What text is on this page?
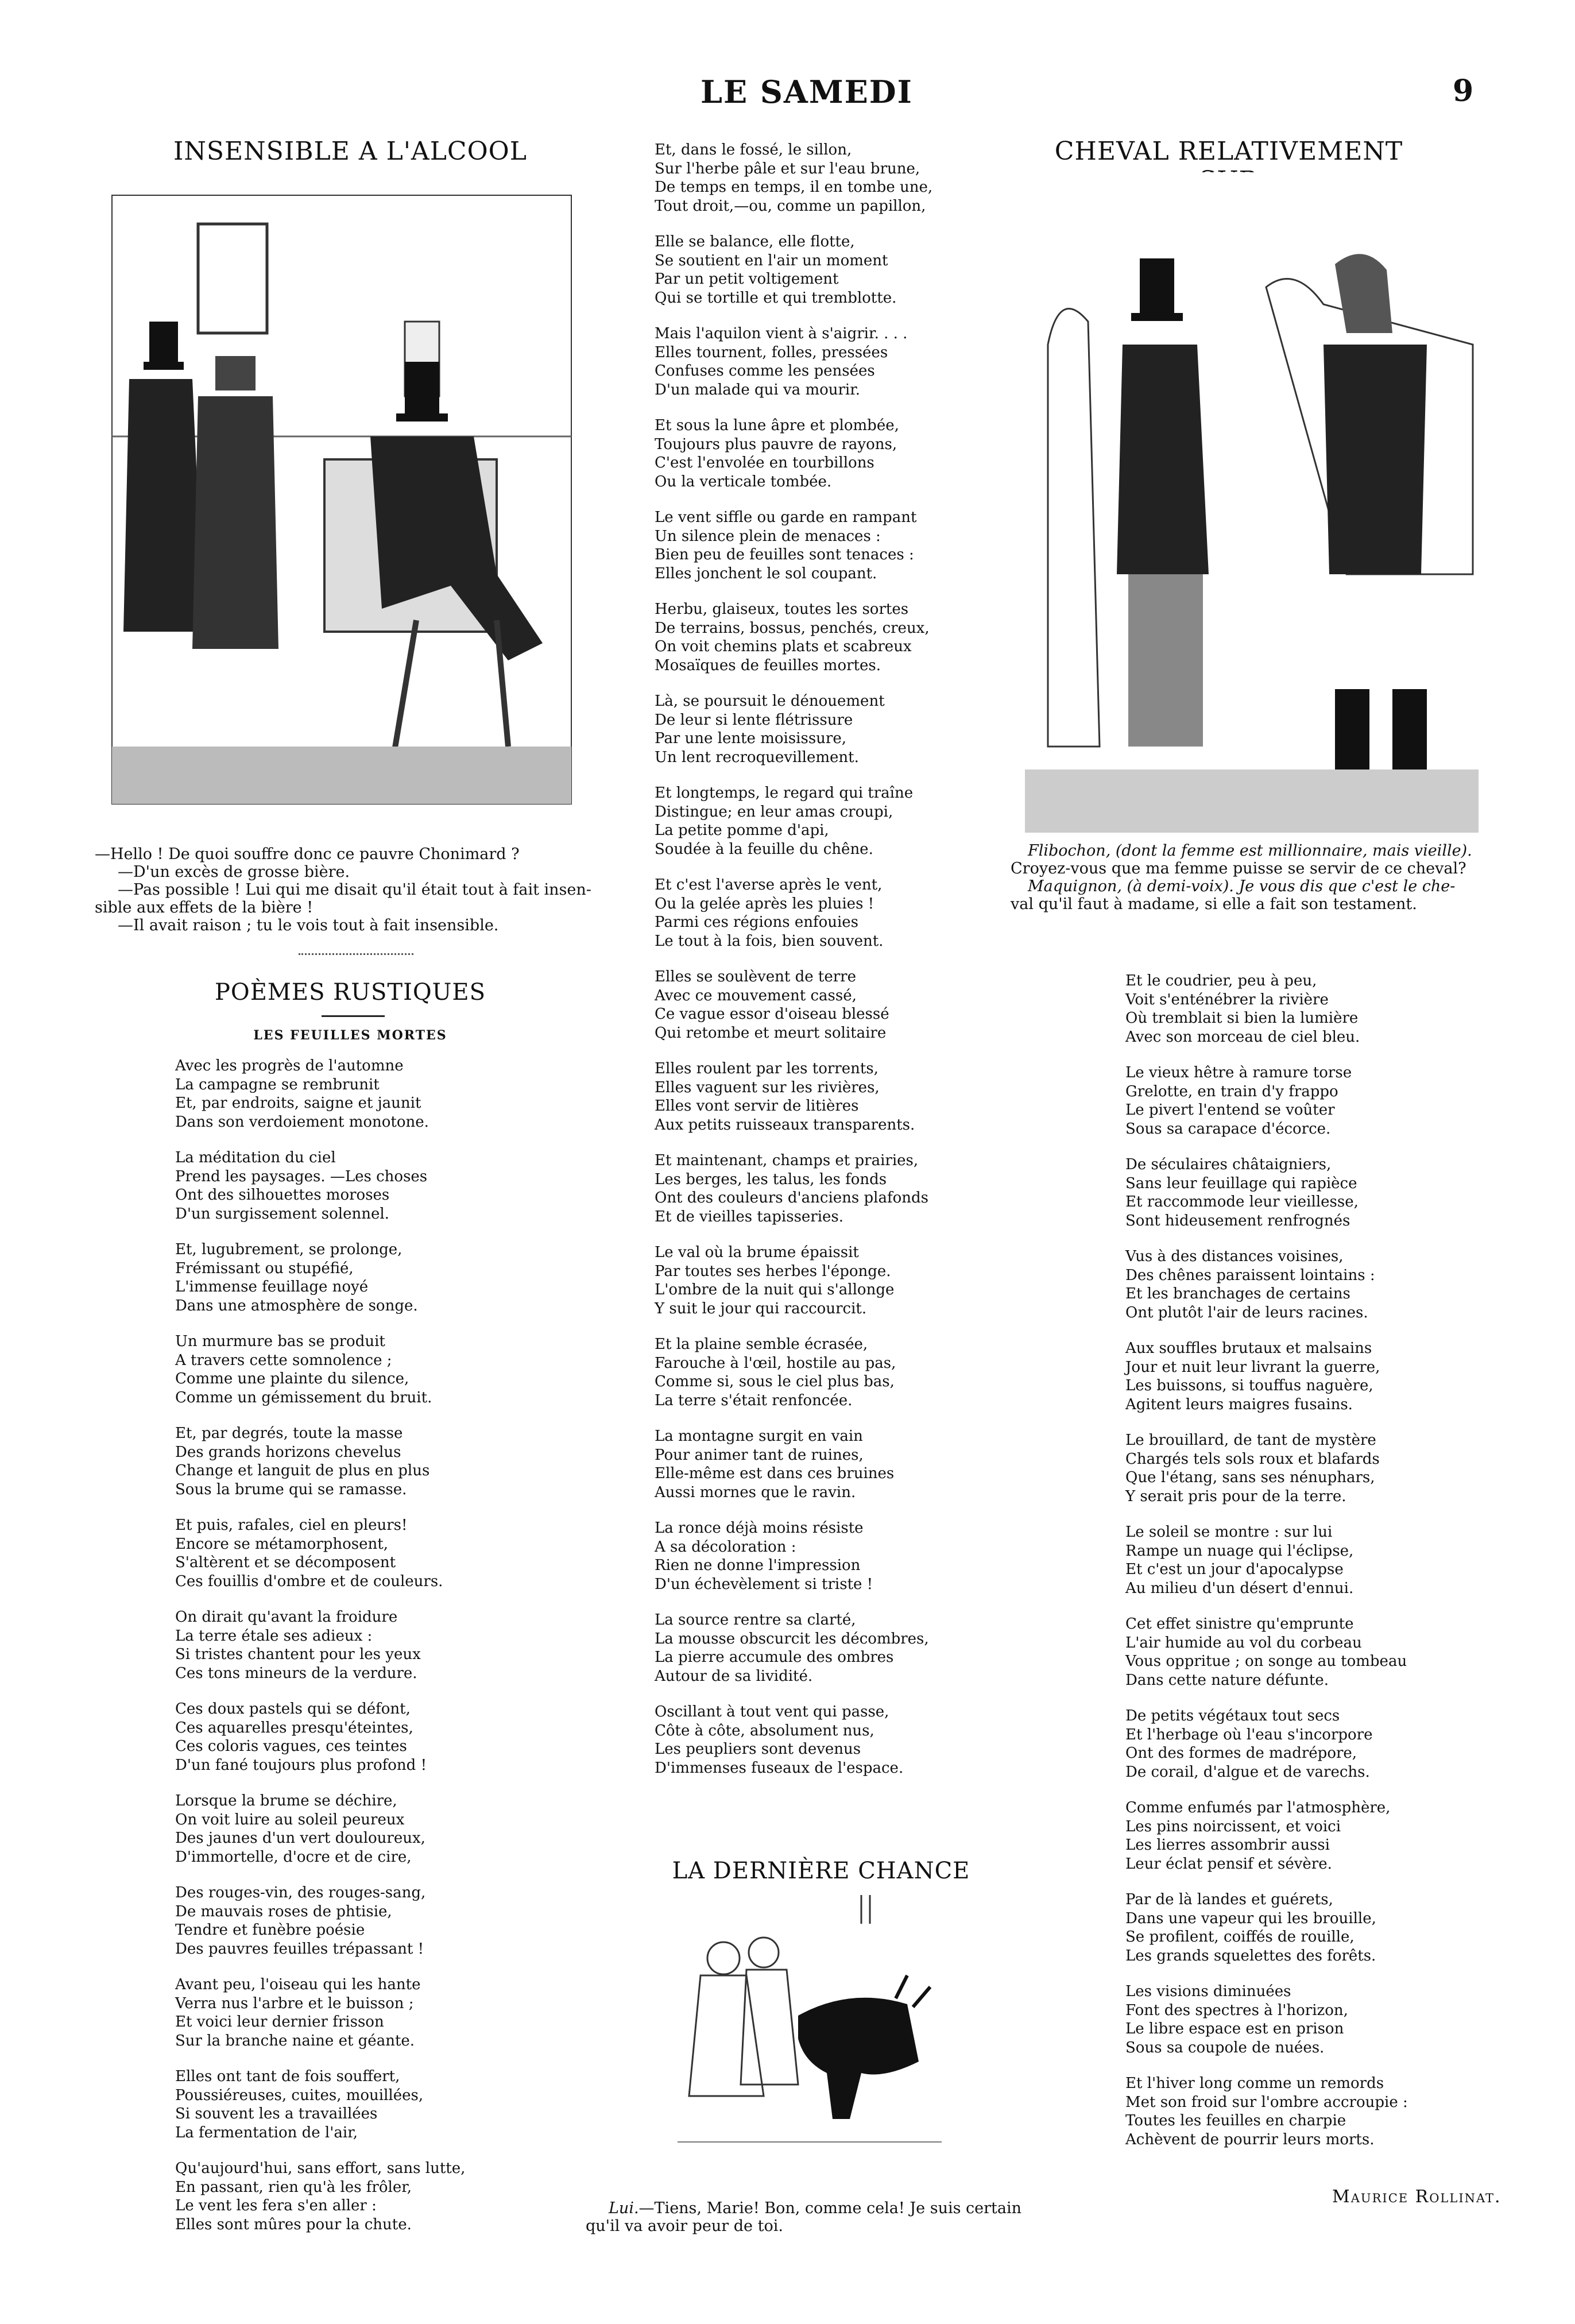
LE SAMEDI	9
INSENSIBLE A L'ALCOOL
—Hello ! De quoi souffre donc ce pauvre Chonimard ?
—D'un excès de grosse bière.
—Pas possible ! Lui qui me disait qu'il était tout à fait insen-
sible aux effets de la bière !
—Il avait raison ; tu le vois tout à fait insensible.
POÈMES RUSTIQUES
LES FEUILLES MORTES
Avec les progrès de l'automne
La campagne se rembrunit
Et, par endroits, saigne et jaunit
Dans son verdoiement monotone.
La méditation du ciel
Prend les paysages. —Les choses
Ont des silhouettes moroses
D'un surgissement solennel.
Et, lugubrement, se prolonge,
Frémissant ou stupéfié,
L'immense feuillage noyé
Dans une atmosphère de songe.
Un murmure bas se produit
A travers cette somnolence ;
Comme une plainte du silence,
Comme un gémissement du bruit.
Et, par degrés, toute la masse
Des grands horizons chevelus
Change et languit de plus en plus
Sous la brume qui se ramasse.
Et puis, rafales, ciel en pleurs!
Encore se métamorphosent,
S'altèrent et se décomposent
Ces fouillis d'ombre et de couleurs.
On dirait qu'avant la froidure
La terre étale ses adieux :
Si tristes chantent pour les yeux
Ces tons mineurs de la verdure.
Ces doux pastels qui se défont,
Ces aquarelles presqu'éteintes,
Ces coloris vagues, ces teintes
D'un fané toujours plus profond !
Lorsque la brume se déchire,
On voit luire au soleil peureux
Des jaunes d'un vert douloureux,
D'immortelle, d'ocre et de cire,
Des rouges-vin, des rouges-sang,
De mauvais roses de phtisie,
Tendre et funèbre poésie
Des pauvres feuilles trépassant !
Avant peu, l'oiseau qui les hante
Verra nus l'arbre et le buisson ;
Et voici leur dernier frisson
Sur la branche naine et géante.
Elles ont tant de fois souffert,
Poussiéreuses, cuites, mouillées,
Si souvent les a travaillées
La fermentation de l'air,
Qu'aujourd'hui, sans effort, sans lutte,
En passant, rien qu'à les frôler,
Le vent les fera s'en aller :
Elles sont mûres pour la chute.
Et, dans le fossé, le sillon,
Sur l'herbe pâle et sur l'eau brune,
De temps en temps, il en tombe une,
Tout droit,—ou, comme un papillon,
Elle se balance, elle flotte,
Se soutient en l'air un moment
Par un petit voltigement
Qui se tortille et qui tremblotte.
Mais l'aquilon vient à s'aigrir. . . .
Elles tournent, folles, pressées
Confuses comme les pensées
D'un malade qui va mourir.
Et sous la lune âpre et plombée,
Toujours plus pauvre de rayons,
C'est l'envolée en tourbillons
Ou la verticale tombée.
Le vent siffle ou garde en rampant
Un silence plein de menaces :
Bien peu de feuilles sont tenaces :
Elles jonchent le sol coupant.
Herbu, glaiseux, toutes les sortes
De terrains, bossus, penchés, creux,
On voit chemins plats et scabreux
Mosaïques de feuilles mortes.
Là, se poursuit le dénouement
De leur si lente flétrissure
Par une lente moisissure,
Un lent recroquevillement.
Et longtemps, le regard qui traîne
Distingue; en leur amas croupi,
La petite pomme d'api,
Soudée à la feuille du chêne.
Et c'est l'averse après le vent,
Ou la gelée après les pluies !
Parmi ces régions enfouies
Le tout à la fois, bien souvent.
Elles se soulèvent de terre
Avec ce mouvement cassé,
Ce vague essor d'oiseau blessé
Qui retombe et meurt solitaire
Elles roulent par les torrents,
Elles vaguent sur les rivières,
Elles vont servir de litières
Aux petits ruisseaux transparents.
Et maintenant, champs et prairies,
Les berges, les talus, les fonds
Ont des couleurs d'anciens plafonds
Et de vieilles tapisseries.
Le val où la brume épaissit
Par toutes ses herbes l'éponge.
L'ombre de la nuit qui s'allonge
Y suit le jour qui raccourcit.
Et la plaine semble écrasée,
Farouche à l'œil, hostile au pas,
Comme si, sous le ciel plus bas,
La terre s'était renfoncée.
La montagne surgit en vain
Pour animer tant de ruines,
Elle-même est dans ces bruines
Aussi mornes que le ravin.
La ronce déjà moins résiste
A sa décoloration :
Rien ne donne l'impression
D'un échevèlement si triste !
La source rentre sa clarté,
La mousse obscurcit les décombres,
La pierre accumule des ombres
Autour de sa lividité.
Oscillant à tout vent qui passe,
Côte à côte, absolument nus,
Les peupliers sont devenus
D'immenses fuseaux de l'espace.
LA DERNIÈRE CHANCE
Lui.—Tiens, Marie! Bon, comme cela! Je suis certain
qu'il va avoir peur de toi.
CHEVAL RELATIVEMENT
Flibochon, (dont la femme est millionnaire, mais vieille).
Croyez-vous que ma femme puisse se servir de ce cheval?
Maquignon, (à demi-voix). Je vous dis que c'est le che-
val qu'il faut à madame, si elle a fait son testament.
Et le coudrier, peu à peu,
Voit s'enténébrer la rivière
Où tremblait si bien la lumière
Avec son morceau de ciel bleu.
Le vieux hêtre à ramure torse
Grelotte, en train d'y frappo
Le pivert l'entend se voûter
Sous sa carapace d'écorce.
De séculaires châtaigniers,
Sans leur feuillage qui rapièce
Et raccommode leur vieillesse,
Sont hideusement renfrognés
Vus à des distances voisines,
Des chênes paraissent lointains :
Et les branchages de certains
Ont plutôt l'air de leurs racines.
Aux souffles brutaux et malsains
Jour et nuit leur livrant la guerre,
Les buissons, si touffus naguère,
Agitent leurs maigres fusains.
Le brouillard, de tant de mystère
Chargés tels sols roux et blafards
Que l'étang, sans ses nénuphars,
Y serait pris pour de la terre.
Le soleil se montre : sur lui
Rampe un nuage qui l'éclipse,
Et c'est un jour d'apocalypse
Au milieu d'un désert d'ennui.
Cet effet sinistre qu'emprunte
L'air humide au vol du corbeau
Vous oppritue ; on songe au tombeau
Dans cette nature défunte.
De petits végétaux tout secs
Et l'herbage où l'eau s'incorpore
Ont des formes de madrépore,
De corail, d'algue et de varechs.
Comme enfumés par l'atmosphère,
Les pins noircissent, et voici
Les lierres assombrir aussi
Leur éclat pensif et sévère.
Par de là landes et guérets,
Dans une vapeur qui les brouille,
Se profilent, coiffés de rouille,
Les grands squelettes des forêts.
Les visions diminuées
Font des spectres à l'horizon,
Le libre espace est en prison
Sous sa coupole de nuées.
Et l'hiver long comme un remords
Met son froid sur l'ombre accroupie :
Toutes les feuilles en charpie
Achèvent de pourrir leurs morts.
Maurice Rollinat.
